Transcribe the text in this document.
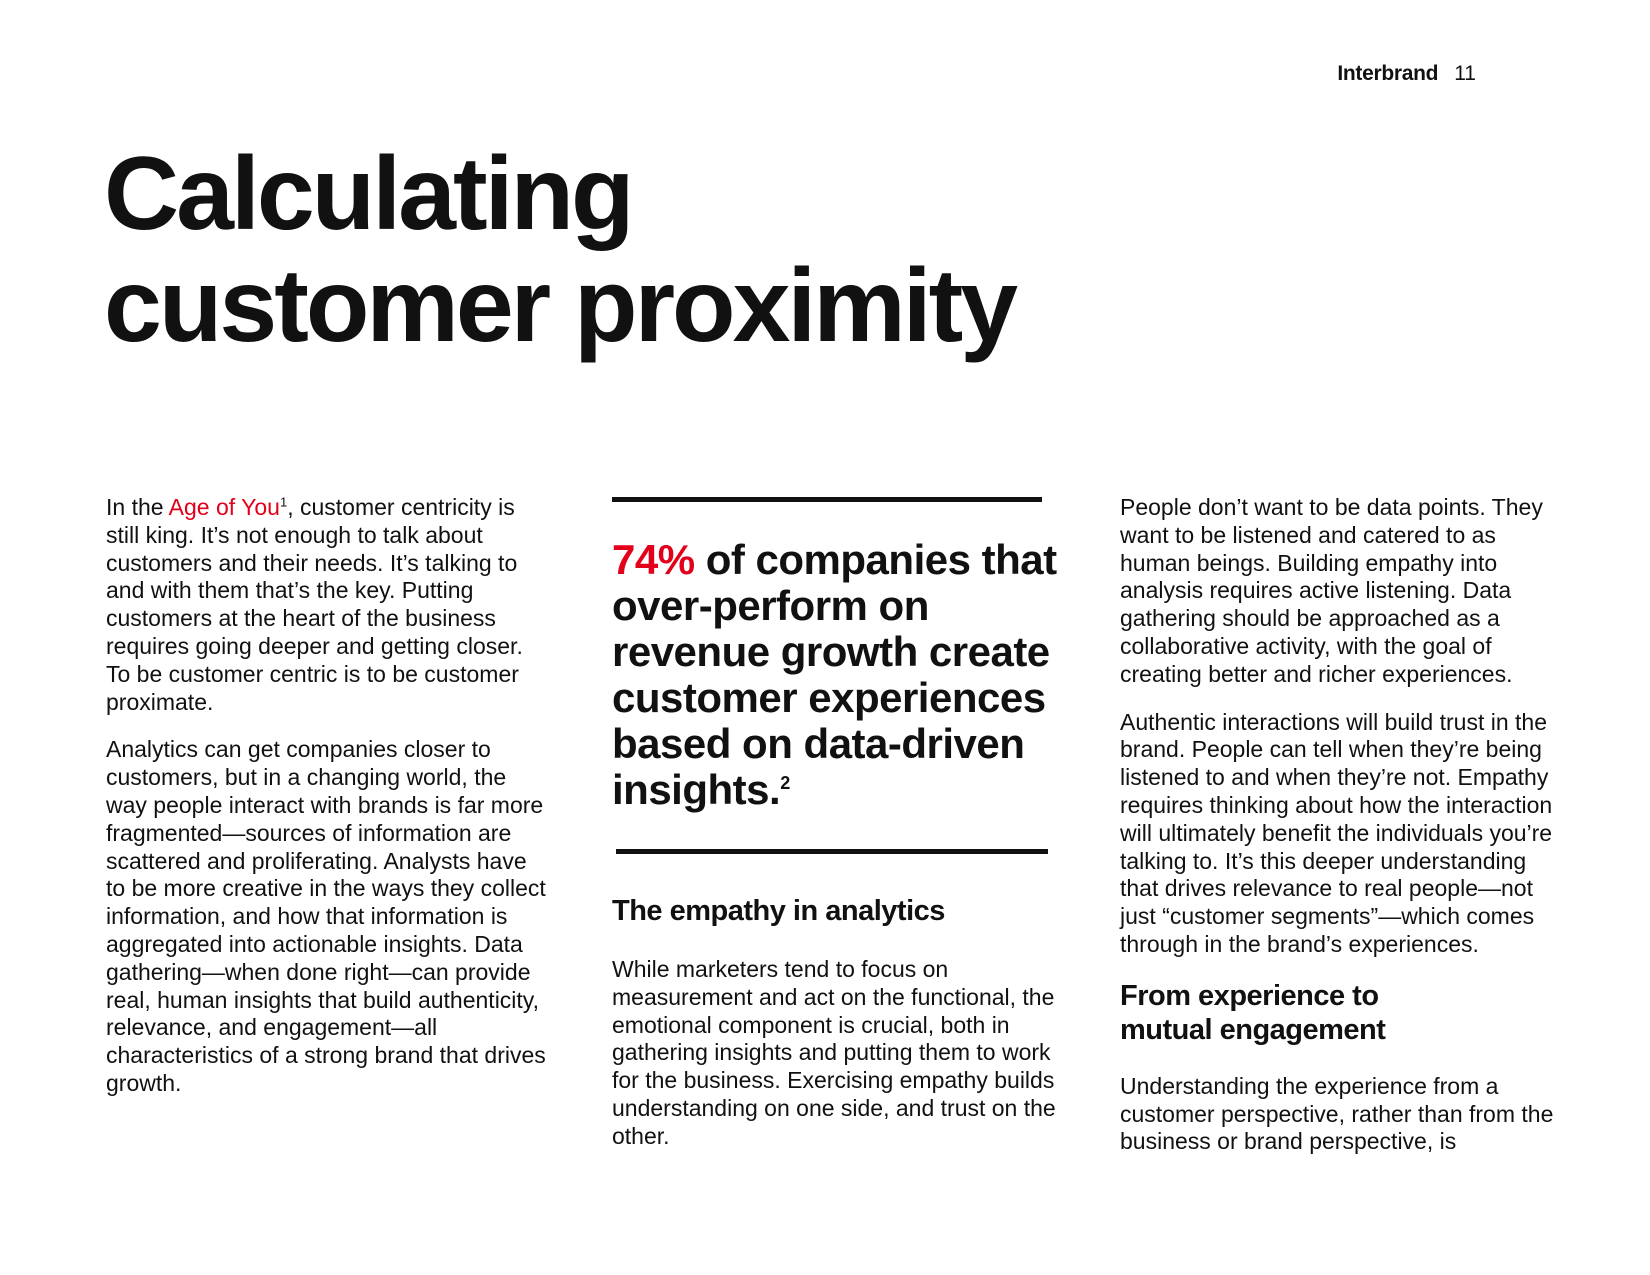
Interbrand 11
Calculating
customer proximity

In the Age of You$^1$, customer centricity is still king. It’s not enough to talk about customers and their needs. It’s talking to and with them that’s the key. Putting customers at the heart of the business requires going deeper and getting closer. To be customer centric is to be customer proximate.

Analytics can get companies closer to customers, but in a changing world, the way people interact with brands is far more fragmented—sources of information are scattered and proliferating. Analysts have to be more creative in the ways they collect information, and how that information is aggregated into actionable insights. Data gathering—when done right—can provide real, human insights that build authenticity, relevance, and engagement—all characteristics of a strong brand that drives growth.

74% of companies that over-perform on revenue growth create customer experiences based on data-driven insights.$^2$

The empathy in analytics

While marketers tend to focus on measurement and act on the functional, the emotional component is crucial, both in gathering insights and putting them to work for the business. Exercising empathy builds understanding on one side, and trust on the other.

People don’t want to be data points. They want to be listened and catered to as human beings. Building empathy into analysis requires active listening. Data gathering should be approached as a collaborative activity, with the goal of creating better and richer experiences.

Authentic interactions will build trust in the brand. People can tell when they’re being listened to and when they’re not. Empathy requires thinking about how the interaction will ultimately benefit the individuals you’re talking to. It’s this deeper understanding that drives relevance to real people—not just “customer segments”—which comes through in the brand’s experiences.

From experience to
mutual engagement

Understanding the experience from a customer perspective, rather than from the business or brand perspective, is
